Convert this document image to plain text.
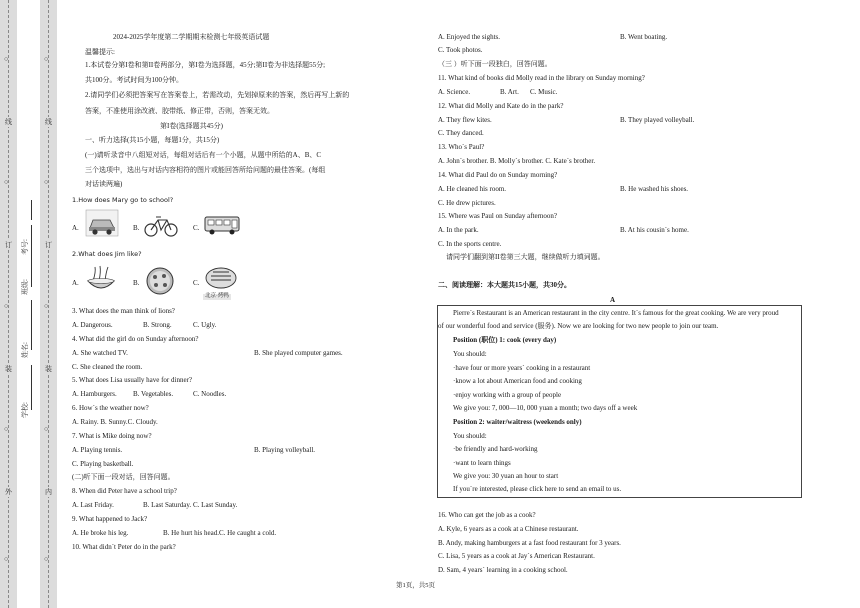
外
装
订
线
○
○
○
○
○
内
装
订
线
○
○
○
○
○
学校:
姓名:
班级:
考号:
2024-2025学年度第二学期期末检测七年级英语试题
温馨提示:
1.本试卷分第I卷和第II卷两部分，第I卷为选择题，45分;第II卷为非选择题55分;
共100分。考试时间为100分钟。
2.请同学们必须把答案写在答案卷上，若需改动，先划掉原来的答案，然后再写上新的
答案，不准使用涂改液、胶带纸、修正带，否则，答案无效。
第I卷(选择题共45分)
一、听力选择(共15小题，每题1分，共15分)
(一)请听录音中八组短对话，每组对话后有一个小题，从题中所给的A、B、C
三个选项中，选出与对话内容相符的图片或能回答所给问题的最佳答案。(每组
对话读两遍)
1.How does Mary go to school?
A.	B.	C.
2.What does Jim like?
A.	B.	C.
北京·烤鸭
3. What does the man think of lions?
A. Dangerous.	B. Strong.	C. Ugly.
4. What did the girl do on Sunday afternoon?
A. She watched TV.	B. She played computer games.
C. She cleaned the room.
5. What does Lisa usually have for dinner?
A. Hamburgers. B. Vegetables.	C. Noodles.
6. How`s the weather now?
A. Rainy. B. Sunny.C. Cloudy.
7. What is Mike doing now?
A. Playing tennis.	B. Playing volleyball.
C. Playing basketball.
(二)听下面一段对话，回答问题。
8. When did Peter have a school trip?
A. Last Friday.	B. Last Saturday. C. Last Sunday.
9. What happened to Jack?
A. He broke his leg.	B. He hurt his head.C. He caught a cold.
10. What didn`t Peter do in the park?
A. Enjoyed the sights.	B. Went boating.
C. Took photos.
（三 ）听下面一段独白，回答问题。
11. What kind of books did Molly read in the library on Sunday morning?
A. Science.	B. Art. C. Music.
12. What did Molly and Kate do in the park?
A. They flew kites.	B. They played volleyball.
C. They danced.
13. Who`s Paul?
A. John`s brother. B. Molly`s brother. C. Kate`s brother.
14. What did Paul do on Sunday morning?
A. He cleaned his room.	B. He washed his shoes.
C. He drew pictures.
15. Where was Paul on Sunday afternoon?
A. In the park.	B. At his cousin`s home.
C. In the sports centre.
请同学们翻到第II卷第三大题，继续做听力填词题。
二、阅读理解：本大题共15小题，共30分。
A
Pierre`s Restaurant is an American restaurant in the city centre. It`s famous for the great cooking. We are very proud
of our wonderful food and service (服务). Now we are looking for two new people to join our team.
Position (职位) 1: cook (every day)
You should:
·have four or more years` cooking in a restaurant
·know a lot about American food and cooking
·enjoy working with a group of people
We give you: 7, 000—10, 000 yuan a month; two days off a week
Position 2: waiter/waitress (weekends only)
You should:
·be friendly and hard-working
·want to learn things
We give you: 30 yuan an hour to start
If you`re interested, please click here to send an email to us.
16. Who can get the job as a cook?
A. Kyle, 6 years as a cook at a Chinese restaurant.
B. Andy, making hamburgers at a fast food restaurant for 3 years.
C. Lisa, 5 years as a cook at Jay`s American Restaurant.
D. Sam, 4 years` learning in a cooking school.
第1页，共5页
